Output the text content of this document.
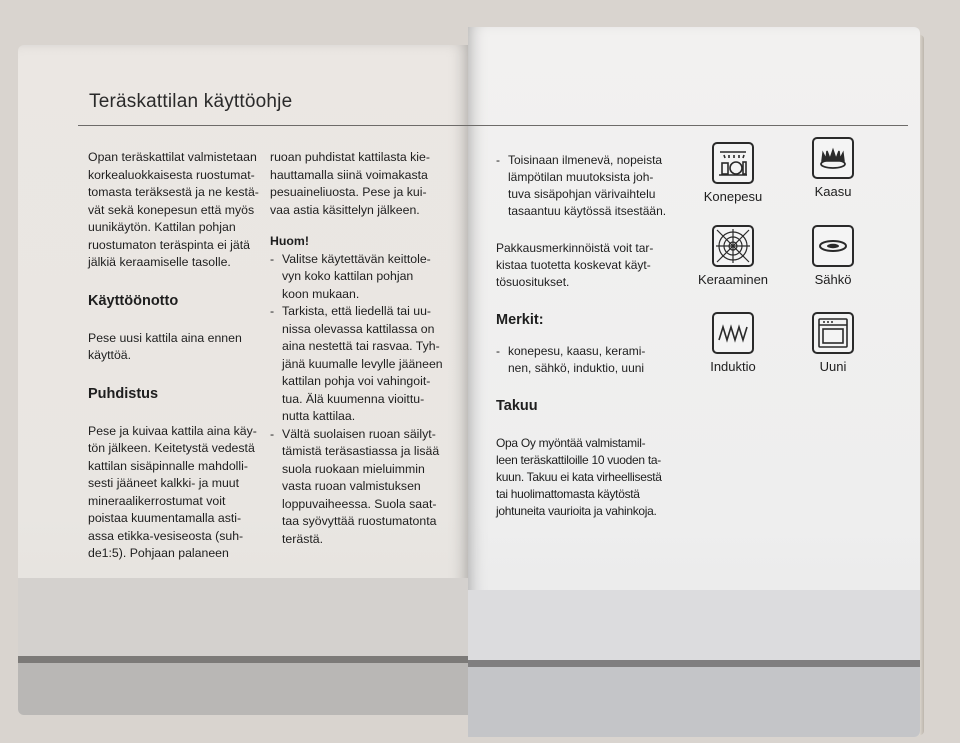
Teräskattilan käyttöohje

Opan teräskattilat valmistetaan
korkealuokkaisesta ruostumat-
tomasta teräksestä ja ne kestä-
vät sekä konepesun että myös
uunikäytön. Kattilan pohjan
ruostumaton teräspinta ei jätä
jälkiä keraamiselle tasolle.

Käyttöönotto

Pese uusi kattila aina ennen
käyttöä.

Puhdistus

Pese ja kuivaa kattila aina käy-
tön jälkeen. Keitetystä vedestä
kattilan sisäpinnalle mahdolli-
sesti jääneet kalkki- ja muut
mineraalikerrostumat voit
poistaa kuumentamalla asti-
assa etikka-vesiseosta (suh-
de1:5). Pohjaan palaneen

ruoan puhdistat kattilasta kie-
hauttamalla siinä voimakasta
pesuaineliuosta. Pese ja kui-
vaa astia käsittelyn jälkeen.

Huom!

- Valitse käytettävän keittole-
vyn koko kattilan pohjan
koon mukaan.
- Tarkista, että liedellä tai uu-
nissa olevassa kattilassa on
aina nestettä tai rasvaa. Tyh-
jänä kuumalle levylle jääneen
kattilan pohja voi vahingoit-
tua. Älä kuumenna vioittu-
nutta kattilaa.
- Vältä suolaisen ruoan säilyt-
tämistä teräsastiassa ja lisää
suola ruokaan mieluimmin
vasta ruoan valmistuksen
loppuvaiheessa. Suola saat-
taa syövyttää ruostumatonta
terästä.
- Toisinaan ilmenevä, nopeista
lämpötilan muutoksista joh-
tuva sisäpohjan värivaihtelu
tasaantuu käytössä itsestään.

Pakkausmerkinnöistä voit tar-
kistaa tuotetta koskevat käyt-
tösuositukset.

Merkit:
- konepesu, kaasu, kerami-
nen, sähkö, induktio, uuni
Takuu

Opa Oy myöntää valmistamil-
leen teräskattiloille 10 vuoden ta-
kuun. Takuu ei kata virheellisestä
tai huolimattomasta käytöstä
johtuneita vaurioita ja vahinkoja.

Konepesu	Kaasu
Keraaminen	Sähkö
Induktio	Uuni
